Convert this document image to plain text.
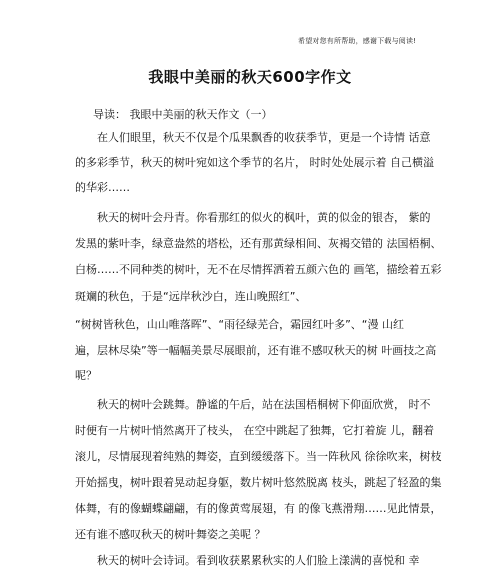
希望对您有所帮助，感谢下载与阅读!
我眼中美丽的秋天600字作文
导读： 我眼中美丽的秋天作文（一）
在人们眼里，秋天不仅是个瓜果飘香的收获季节，更是一个诗情 话意
的多彩季节，秋天的树叶宛如这个季节的名片， 时时处处展示着 自己横溢
的华彩……
秋天的树叶会丹青。你看那红的似火的枫叶，黄的似金的银杏， 紫的
发黑的紫叶李，绿意盎然的塔松，还有那黄绿相间、灰褐交错的 法国梧桐、
白杨……不同种类的树叶，无不在尽情挥洒着五颜六色的 画笔，描绘着五彩
斑斓的秋色，于是“远岸秋沙白，连山晚照红”、
“树树皆秋色，山山唯落晖”、“雨径绿芜合，霜园红叶多”、“漫 山红
遍，层林尽染”等一幅幅美景尽展眼前，还有谁不感叹秋天的树 叶画技之高
呢？
秋天的树叶会跳舞。静谧的午后，站在法国梧桐树下仰面欣赏， 时不
时便有一片树叶悄然离开了枝头， 在空中跳起了独舞，它打着旋 儿，翻着
滚儿，尽情展现着纯熟的舞姿，直到缓缓落下。当一阵秋风 徐徐吹来，树枝
开始摇曳，树叶跟着晃动起身躯，数片树叶悠然脱离 枝头，跳起了轻盈的集
体舞，有的像蝴蝶翩翩，有的像黄莺展翅，有 的像飞燕滑翔……见此情景，
还有谁不感叹秋天的树叶舞姿之美呢 ？
秋天的树叶会诗词。看到收获累累秋实的人们脸上漾满的喜悦和 幸
